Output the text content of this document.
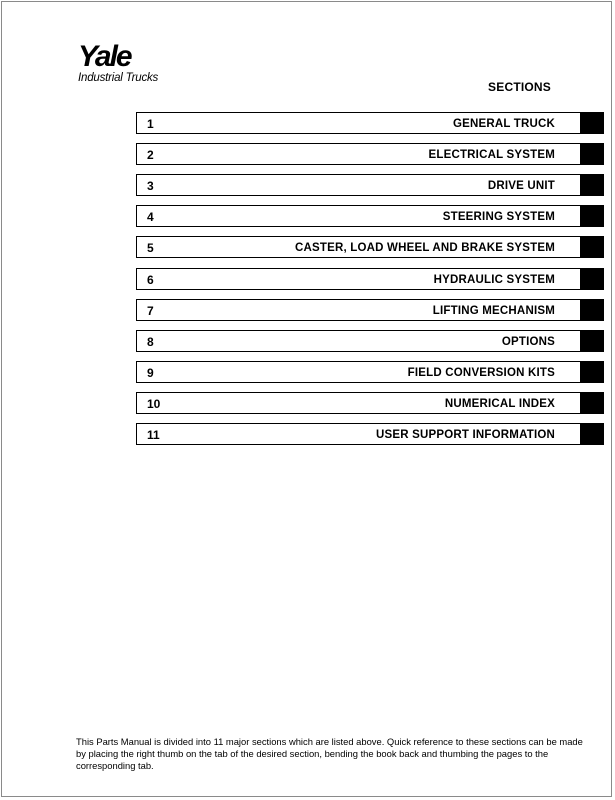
Yale
Industrial Trucks
SECTIONS
1	GENERAL TRUCK
2	ELECTRICAL SYSTEM
3	DRIVE UNIT
4	STEERING SYSTEM
5	CASTER, LOAD WHEEL AND BRAKE SYSTEM
6	HYDRAULIC SYSTEM
7	LIFTING MECHANISM
8	OPTIONS
9	FIELD CONVERSION KITS
10	NUMERICAL INDEX
11	USER SUPPORT INFORMATION
This Parts Manual is divided into 11 major sections which are listed above. Quick reference to these sections can be made by placing the right thumb on the tab of the desired section, bending the book back and thumbing the pages to the corresponding tab.
